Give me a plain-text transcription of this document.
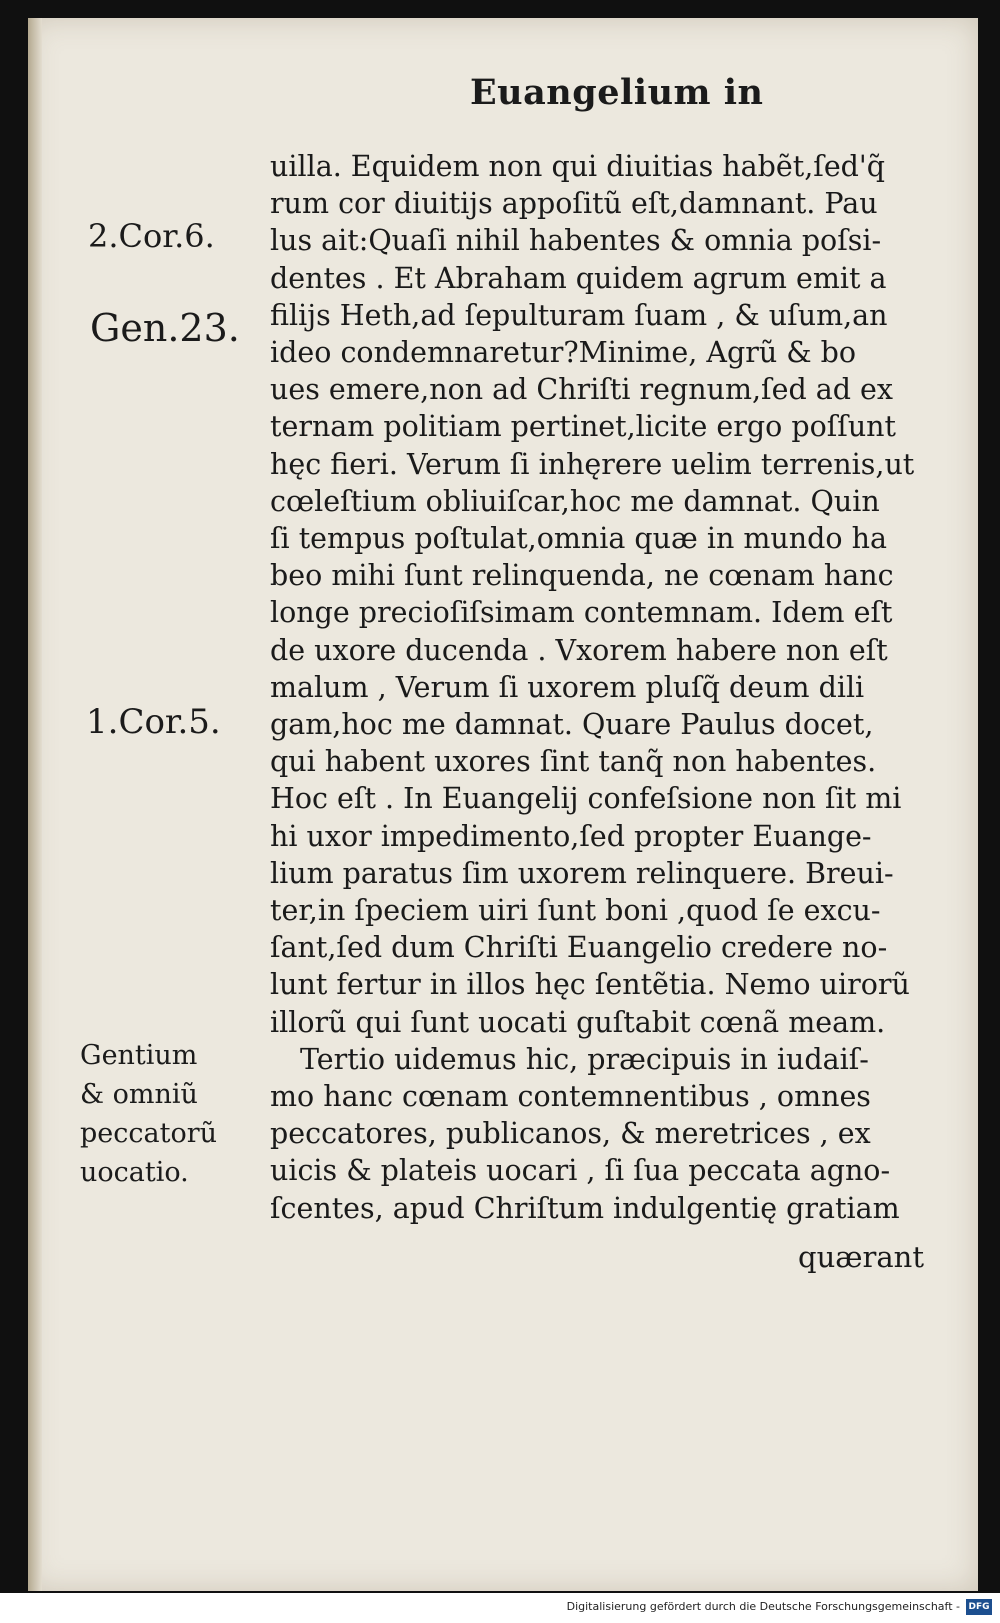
Euangelium in
2.Cor.6.
Gen.23.
1.Cor.5.
Gentium
& omniũ
peccatorũ
uocatio.
uilla. Equidem non qui diuitias habẽt,ſed'q̃
rum cor diuitijs appoſitũ eſt,damnant. Pau
lus ait:Quaſi nihil habentes & omnia poſsi-
dentes . Et Abraham quidem agrum emit a
filijs Heth,ad ſepulturam ſuam , & uſum,an
ideo condemnaretur?Minime, Agrũ & bo
ues emere,non ad Chriſti regnum,ſed ad ex
ternam politiam pertinet,licite ergo poſſunt
hęc fieri. Verum ſi inhęrere uelim terrenis,ut
cœleſtium obliuiſcar,hoc me damnat. Quin
ſi tempus poſtulat,omnia quæ in mundo ha
beo mihi ſunt relinquenda, ne cœnam hanc
longe precioſiſsimam contemnam. Idem eſt
de uxore ducenda . Vxorem habere non eſt
malum , Verum ſi uxorem pluſq̃ deum dili
gam,hoc me damnat. Quare Paulus docet,
qui habent uxores ſint tanq̃ non habentes.
Hoc eſt . In Euangelij confeſsione non ſit mi
hi uxor impedimento,ſed propter Euange-
lium paratus ſim uxorem relinquere. Breui-
ter,in ſpeciem uiri ſunt boni ,quod ſe excu-
ſant,ſed dum Chriſti Euangelio credere no-
lunt fertur in illos hęc ſentẽtia. Nemo uirorũ
illorũ qui ſunt uocati guſtabit cœnã meam.
Tertio uidemus hic, præcipuis in iudaiſ-
mo hanc cœnam contemnentibus , omnes
peccatores, publicanos, & meretrices , ex
uicis & plateis uocari , ſi ſua peccata agno-
ſcentes, apud Chriſtum indulgentię gratiam
quærant
Digitalisierung gefördert durch die Deutsche Forschungsgemeinschaft - DFG
